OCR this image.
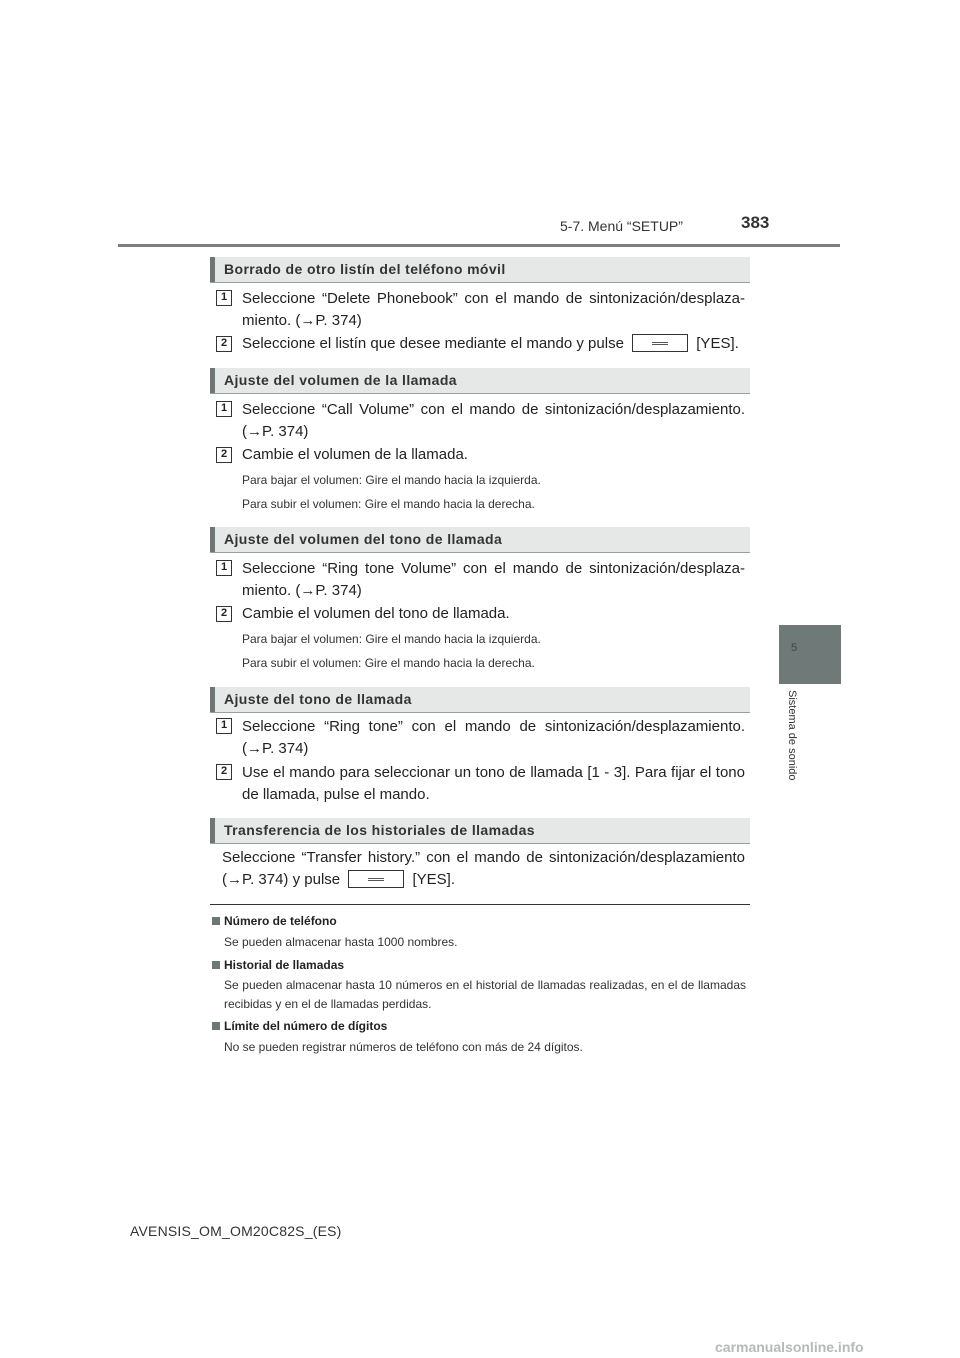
5-7. Menú “SETUP”	383
5
Sistema de sonido
Borrado de otro listín del teléfono móvil
1 Seleccione “Delete Phonebook” con el mando de sintonización/desplaza-miento. (→P. 374)
2 Seleccione el listín que desee mediante el mando y pulse	[YES].
Ajuste del volumen de la llamada
1 Seleccione “Call Volume” con el mando de sintonización/desplazamiento. (→P. 374)
2 Cambie el volumen de la llamada.
Para bajar el volumen: Gire el mando hacia la izquierda.
Para subir el volumen: Gire el mando hacia la derecha.
Ajuste del volumen del tono de llamada
1 Seleccione “Ring tone Volume” con el mando de sintonización/desplaza-miento. (→P. 374)
2 Cambie el volumen del tono de llamada.
Para bajar el volumen: Gire el mando hacia la izquierda.
Para subir el volumen: Gire el mando hacia la derecha.
Ajuste del tono de llamada
1 Seleccione “Ring tone” con el mando de sintonización/desplazamiento. (→P. 374)
2 Use el mando para seleccionar un tono de llamada [1 - 3]. Para fijar el tono de llamada, pulse el mando.
Transferencia de los historiales de llamadas
Seleccione “Transfer history.” con el mando de sintonización/desplazamiento (→P. 374) y pulse	[YES].
Número de teléfono
Se pueden almacenar hasta 1000 nombres.
Historial de llamadas
Se pueden almacenar hasta 10 números en el historial de llamadas realizadas, en el de llamadas recibidas y en el de llamadas perdidas.
Límite del número de dígitos
No se pueden registrar números de teléfono con más de 24 dígitos.
AVENSIS_OM_OM20C82S_(ES)
carmanualsonline.info
